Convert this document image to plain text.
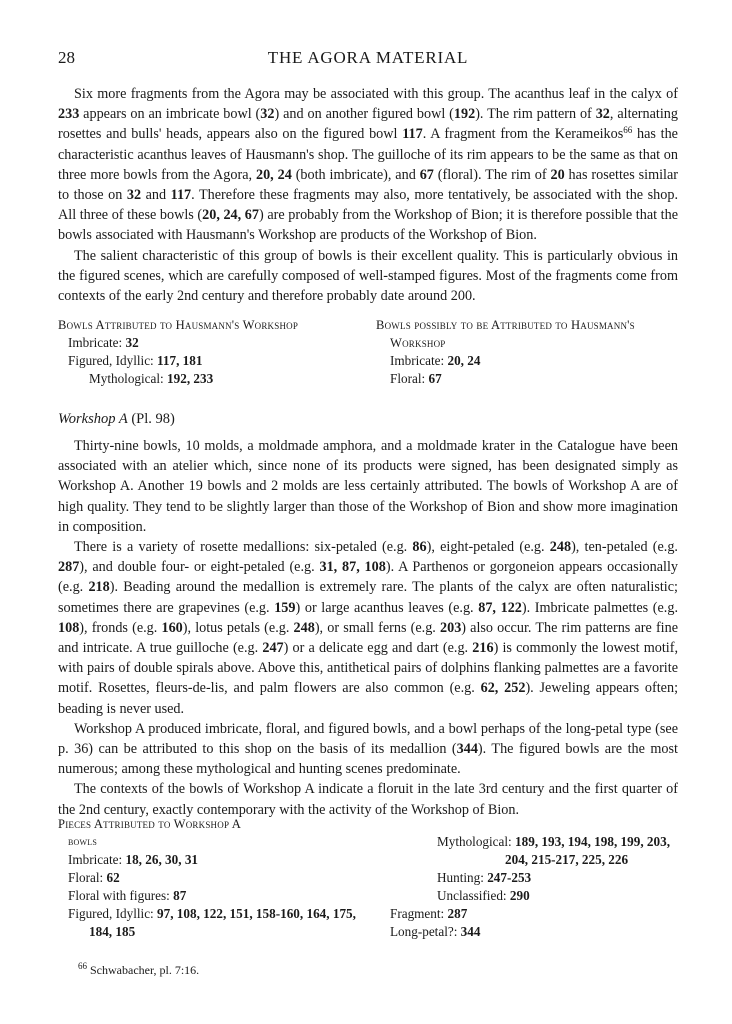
28	THE AGORA MATERIAL

Six more fragments from the Agora may be associated with this group. The acanthus leaf in the calyx of 233 appears on an imbricate bowl (32) and on another figured bowl (192). The rim pattern of 32, alternating rosettes and bulls' heads, appears also on the figured bowl 117. A fragment from the Kerameikos$^{66}$ has the characteristic acanthus leaves of Hausmann's shop. The guilloche of its rim appears to be the same as that on three more bowls from the Agora, 20, 24 (both imbricate), and 67 (floral). The rim of 20 has rosettes similar to those on 32 and 117. Therefore these fragments may also, more tentatively, be associated with the shop. All three of these bowls (20, 24, 67) are probably from the Workshop of Bion; it is therefore possible that the bowls associated with Hausmann's Workshop are products of the Workshop of Bion.

The salient characteristic of this group of bowls is their excellent quality. This is particularly obvious in the figured scenes, which are carefully composed of well-stamped figures. Most of the fragments come from contexts of the early 2nd century and therefore probably date around 200.

Bowls Attributed to Hausmann's Workshop
Imbricate: 32
Figured, Idyllic: 117, 181
Mythological: 192, 233
Bowls possibly to be Attributed to Hausmann's
Workshop
Imbricate: 20, 24
Floral: 67
Workshop A (Pl. 98)

Thirty-nine bowls, 10 molds, a moldmade amphora, and a moldmade krater in the Catalogue have been associated with an atelier which, since none of its products were signed, has been designated simply as Workshop A. Another 19 bowls and 2 molds are less certainly attributed. The bowls of Workshop A are of high quality. They tend to be slightly larger than those of the Workshop of Bion and show more imagination in composition.

There is a variety of rosette medallions: six-petaled (e.g. 86), eight-petaled (e.g. 248), ten-petaled (e.g. 287), and double four- or eight-petaled (e.g. 31, 87, 108). A Parthenos or gorgoneion appears occasionally (e.g. 218). Beading around the medallion is extremely rare. The plants of the calyx are often naturalistic; sometimes there are grapevines (e.g. 159) or large acanthus leaves (e.g. 87, 122). Imbricate palmettes (e.g. 108), fronds (e.g. 160), lotus petals (e.g. 248), or small ferns (e.g. 203) also occur. The rim patterns are fine and intricate. A true guilloche (e.g. 247) or a delicate egg and dart (e.g. 216) is commonly the lowest motif, with pairs of double spirals above. Above this, antithetical pairs of dolphins flanking palmettes are a favorite motif. Rosettes, fleurs-de-lis, and palm flowers are also common (e.g. 62, 252). Jeweling appears often; beading is never used.

Workshop A produced imbricate, floral, and figured bowls, and a bowl perhaps of the long-petal type (see p. 36) can be attributed to this shop on the basis of its medallion (344). The figured bowls are the most numerous; among these mythological and hunting scenes predominate.

The contexts of the bowls of Workshop A indicate a floruit in the late 3rd century and the first quarter of the 2nd century, exactly contemporary with the activity of the Workshop of Bion.

Pieces Attributed to Workshop A
bowls
Imbricate: 18, 26, 30, 31
Floral: 62
Floral with figures: 87
Figured, Idyllic: 97, 108, 122, 151, 158-160, 164, 175,
184, 185
Mythological: 189, 193, 194, 198, 199, 203,
204, 215-217, 225, 226
Hunting: 247-253
Unclassified: 290
Fragment: 287
Long-petal?: 344
$^{66}$ Schwabacher, pl. 7:16.
